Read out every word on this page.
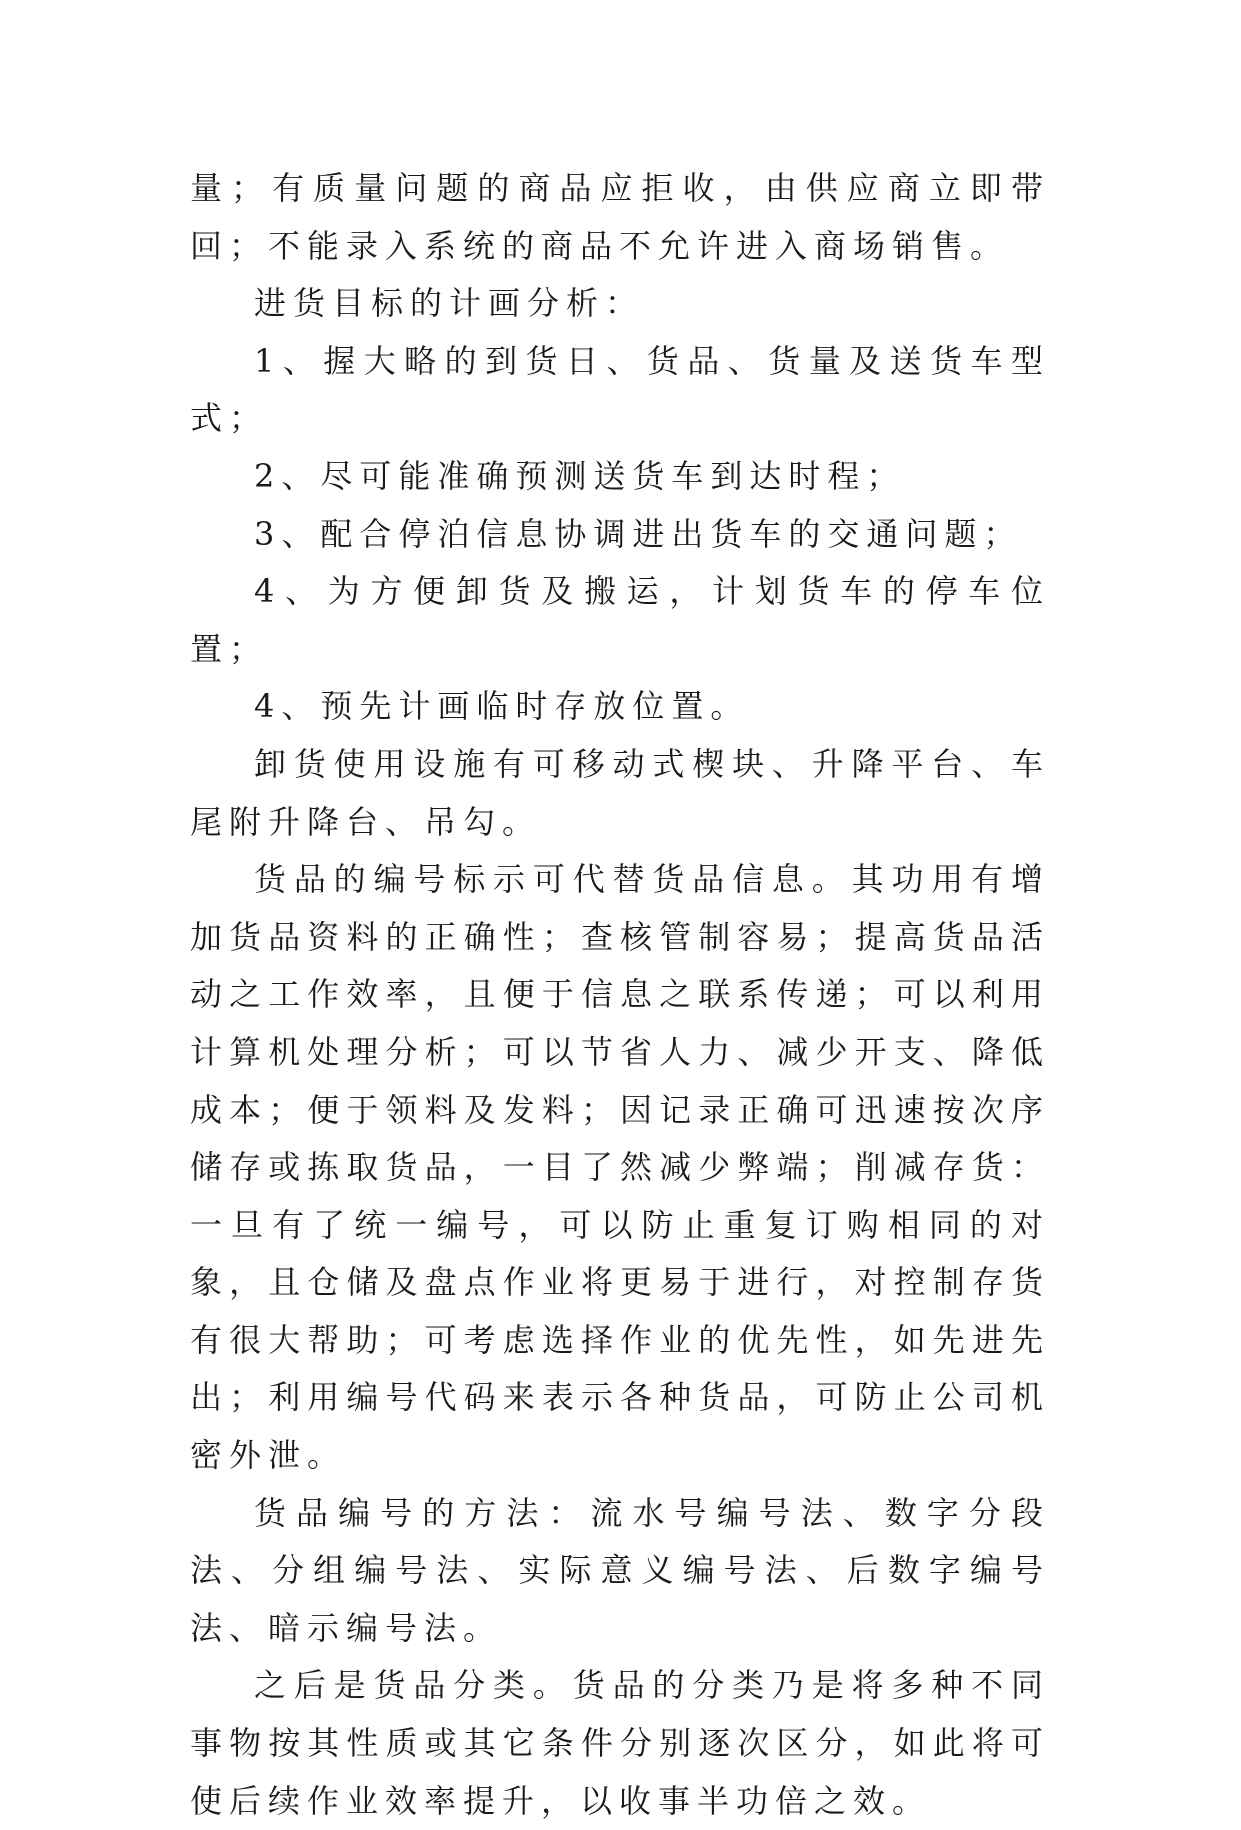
量；有质量问题的商品应拒收，由供应商立即带回；不能录入系统的商品不允许进入商场销售。

进货目标的计画分析：

1、握大略的到货日、货品、货量及送货车型式；

2、尽可能准确预测送货车到达时程；

3、配合停泊信息协调进出货车的交通问题；

4、为方便卸货及搬运，计划货车的停车位置；

4、预先计画临时存放位置。

卸货使用设施有可移动式楔块、升降平台、车尾附升降台、吊勾。

货品的编号标示可代替货品信息。其功用有增加货品资料的正确性；查核管制容易；提高货品活动之工作效率，且便于信息之联系传递；可以利用计算机处理分析；可以节省人力、减少开支、降低成本；便于领料及发料；因记录正确可迅速按次序储存或拣取货品，一目了然减少弊端；削减存货：一旦有了统一编号，可以防止重复订购相同的对象，且仓储及盘点作业将更易于进行，对控制存货有很大帮助；可考虑选择作业的优先性，如先进先出；利用编号代码来表示各种货品，可防止公司机密外泄。

货品编号的方法：流水号编号法、数字分段法、分组编号法、实际意义编号法、后数字编号法、暗示编号法。

之后是货品分类。货品的分类乃是将多种不同事物按其性质或其它条件分别逐次区分，如此将可使后续作业效率提升，以收事半功倍之效。
